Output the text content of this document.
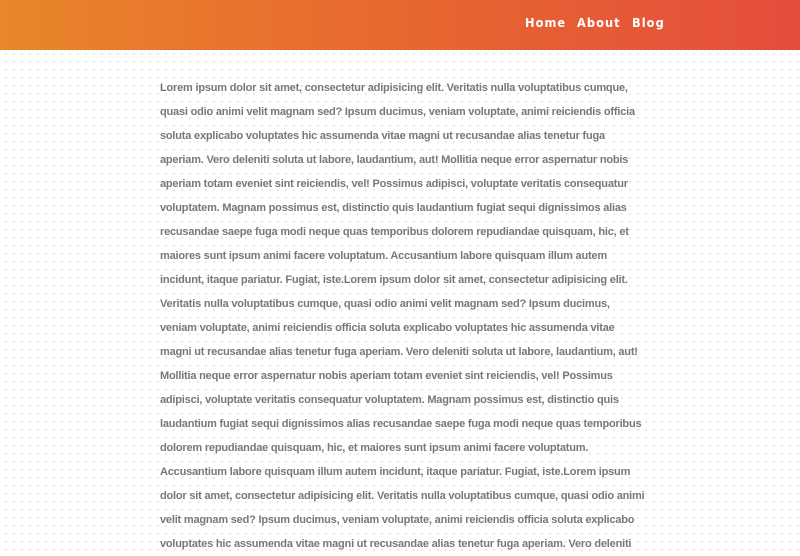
Home About Blog

Lorem ipsum dolor sit amet, consectetur adipisicing elit. Veritatis nulla voluptatibus cumque, quasi odio animi velit magnam sed? Ipsum ducimus, veniam voluptate, animi reiciendis officia soluta explicabo voluptates hic assumenda vitae magni ut recusandae alias tenetur fuga aperiam. Vero deleniti soluta ut labore, laudantium, aut! Mollitia neque error aspernatur nobis aperiam totam eveniet sint reiciendis, vel! Possimus adipisci, voluptate veritatis consequatur voluptatem. Magnam possimus est, distinctio quis laudantium fugiat sequi dignissimos alias recusandae saepe fuga modi neque quas temporibus dolorem repudiandae quisquam, hic, et maiores sunt ipsum animi facere voluptatum. Accusantium labore quisquam illum autem incidunt, itaque pariatur. Fugiat, iste.Lorem ipsum dolor sit amet, consectetur adipisicing elit. Veritatis nulla voluptatibus cumque, quasi odio animi velit magnam sed? Ipsum ducimus, veniam voluptate, animi reiciendis officia soluta explicabo voluptates hic assumenda vitae magni ut recusandae alias tenetur fuga aperiam. Vero deleniti soluta ut labore, laudantium, aut! Mollitia neque error aspernatur nobis aperiam totam eveniet sint reiciendis, vel! Possimus adipisci, voluptate veritatis consequatur voluptatem. Magnam possimus est, distinctio quis laudantium fugiat sequi dignissimos alias recusandae saepe fuga modi neque quas temporibus dolorem repudiandae quisquam, hic, et maiores sunt ipsum animi facere voluptatum. Accusantium labore quisquam illum autem incidunt, itaque pariatur. Fugiat, iste.Lorem ipsum dolor sit amet, consectetur adipisicing elit. Veritatis nulla voluptatibus cumque, quasi odio animi velit magnam sed? Ipsum ducimus, veniam voluptate, animi reiciendis officia soluta explicabo voluptates hic assumenda vitae magni ut recusandae alias tenetur fuga aperiam. Vero deleniti
